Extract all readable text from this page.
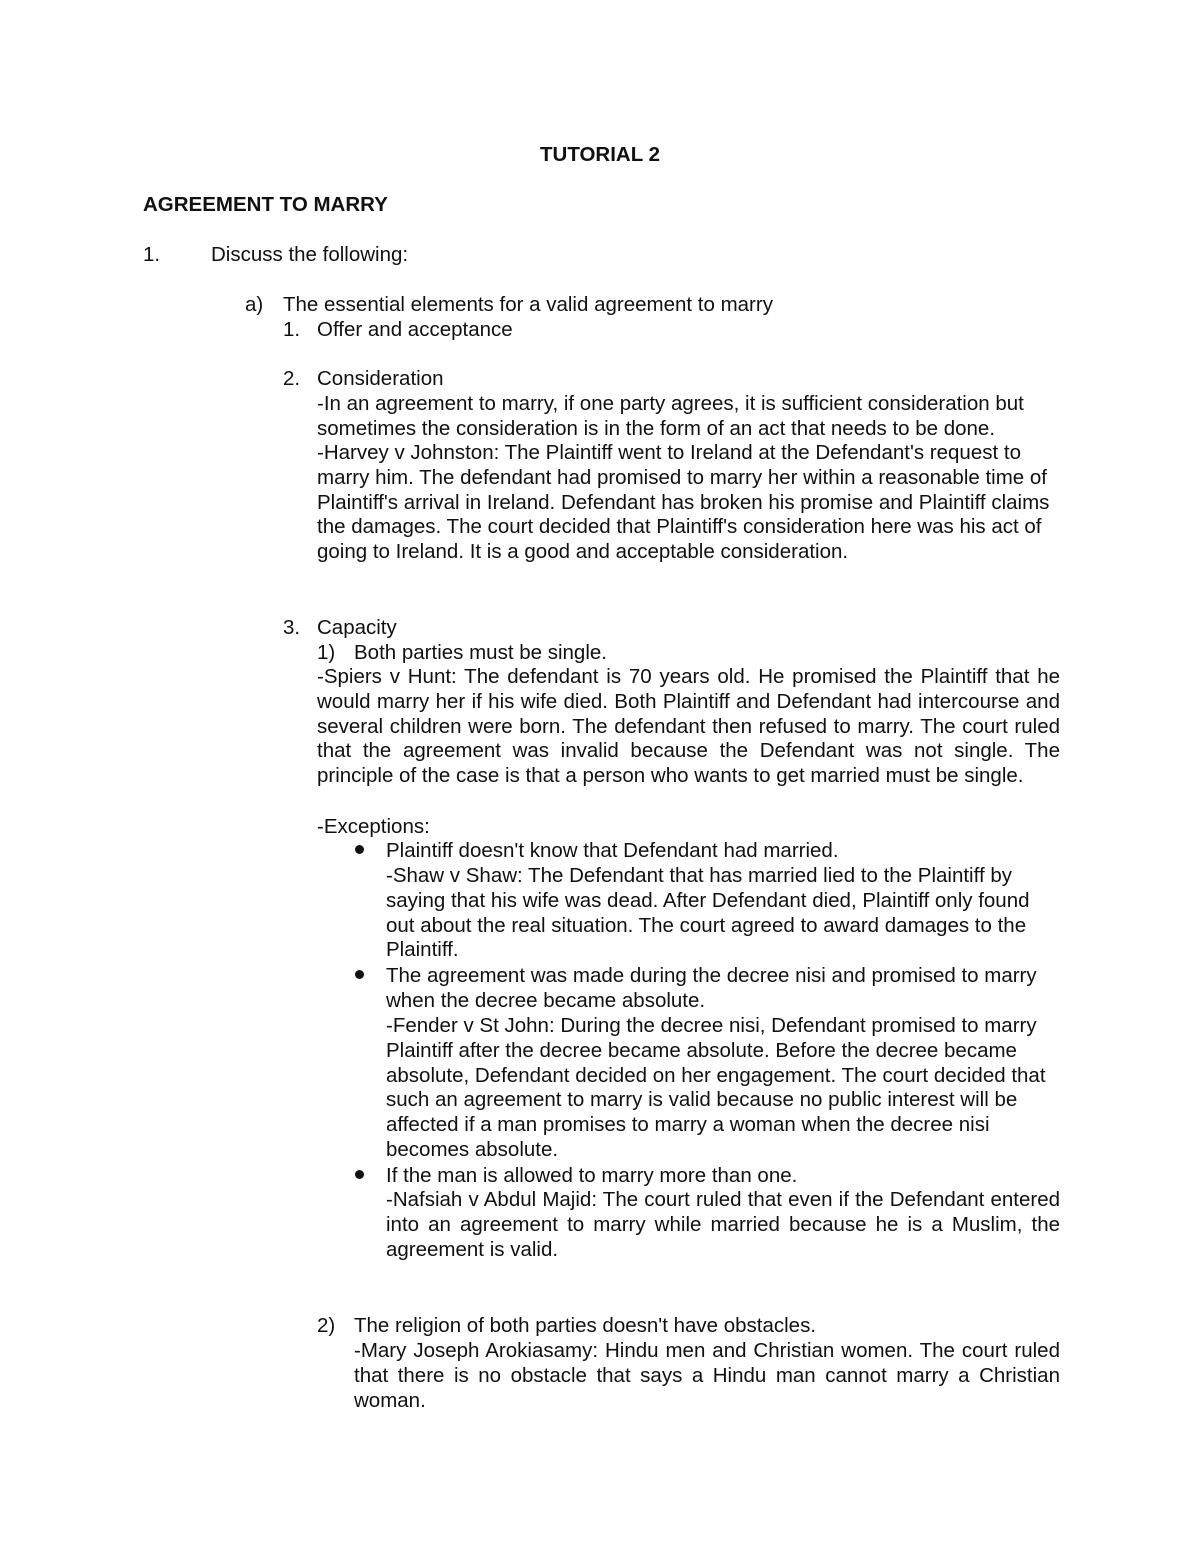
TUTORIAL 2

AGREEMENT TO MARRY

1. Discuss the following:

a) The essential elements for a valid agreement to marry

1. Offer and acceptance

2. Consideration

-In an agreement to marry, if one party agrees, it is sufficient consideration but sometimes the consideration is in the form of an act that needs to be done.
-Harvey v Johnston: The Plaintiff went to Ireland at the Defendant's request to marry him. The defendant had promised to marry her within a reasonable time of Plaintiff's arrival in Ireland. Defendant has broken his promise and Plaintiff claims the damages. The court decided that Plaintiff's consideration here was his act of going to Ireland. It is a good and acceptable consideration.

3. Capacity

1) Both parties must be single.

-Spiers v Hunt: The defendant is 70 years old. He promised the Plaintiff that he would marry her if his wife died. Both Plaintiff and Defendant had intercourse and several children were born. The defendant then refused to marry. The court ruled that the agreement was invalid because the Defendant was not single. The principle of the case is that a person who wants to get married must be single.

-Exceptions:

Plaintiff doesn't know that Defendant had married.

-Shaw v Shaw: The Defendant that has married lied to the Plaintiff by saying that his wife was dead. After Defendant died, Plaintiff only found out about the real situation. The court agreed to award damages to the Plaintiff.
The agreement was made during the decree nisi and promised to marry when the decree became absolute.
-Fender v St John: During the decree nisi, Defendant promised to marry Plaintiff after the decree became absolute. Before the decree became absolute, Defendant decided on her engagement. The court decided that such an agreement to marry is valid because no public interest will be affected if a man promises to marry a woman when the decree nisi becomes absolute.

If the man is allowed to marry more than one.

-Nafsiah v Abdul Majid: The court ruled that even if the Defendant entered into an agreement to marry while married because he is a Muslim, the agreement is valid.

2) The religion of both parties doesn't have obstacles.

-Mary Joseph Arokiasamy: Hindu men and Christian women. The court ruled that there is no obstacle that says a Hindu man cannot marry a Christian woman.
